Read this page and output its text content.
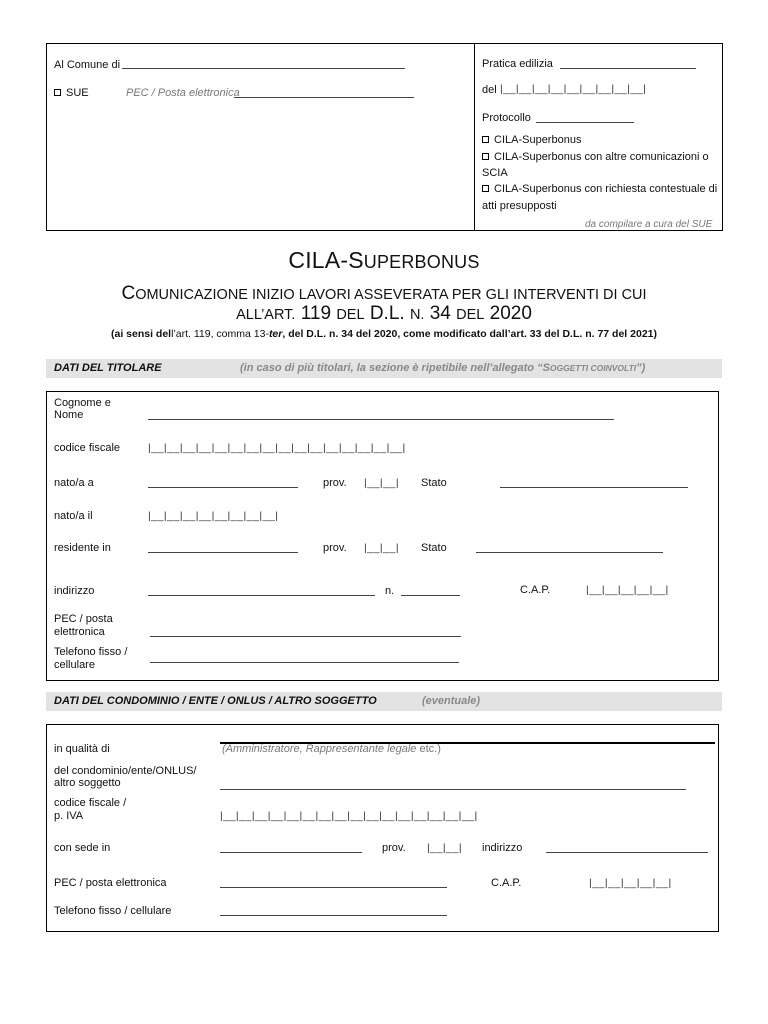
Al Comune di
SUE	PEC / Posta elettronica
Pratica edilizia
del |__|__|__|__|__|__|__|__|__|
Protocollo
CILA-Superbonus
CILA-Superbonus con altre comunicazioni o
SCIA
CILA-Superbonus con richiesta contestuale di
atti presupposti
da compilare a cura del SUE
CILA-SUPERBONUS
COMUNICAZIONE INIZIO LAVORI ASSEVERATA PER GLI INTERVENTI DI CUI
ALL’ART. 119 DEL D.L. N. 34 DEL 2020
(ai sensi dell’art. 119, comma 13-ter, del D.L. n. 34 del 2020, come modificato dall’art. 33 del D.L. n. 77 del 2021)
DATI DEL TITOLARE	(in caso di più titolari, la sezione è ripetibile nell’allegato “SOGGETTI COINVOLTI”)
Cognome e
Nome
codice fiscale	|__|__|__|__|__|__|__|__|__|__|__|__|__|__|__|__|
nato/a a	prov. |__|__| Stato
nato/a il	|__|__|__|__|__|__|__|__|
residente in	prov. |__|__| Stato
indirizzo	n.	C.A.P.	|__|__|__|__|__|
PEC / posta
elettronica
Telefono fisso /
cellulare
DATI DEL CONDOMINIO / ENTE / ONLUS / ALTRO SOGGETTO	(eventuale)
in qualità di	(Amministratore, Rappresentante legale etc.)
del condominio/ente/ONLUS/
altro soggetto
codice fiscale /
p. IVA	|__|__|__|__|__|__|__|__|__|__|__|__|__|__|__|__|
con sede in	prov. |__|__| indirizzo
PEC / posta elettronica	C.A.P.	|__|__|__|__|__|
Telefono fisso / cellulare
